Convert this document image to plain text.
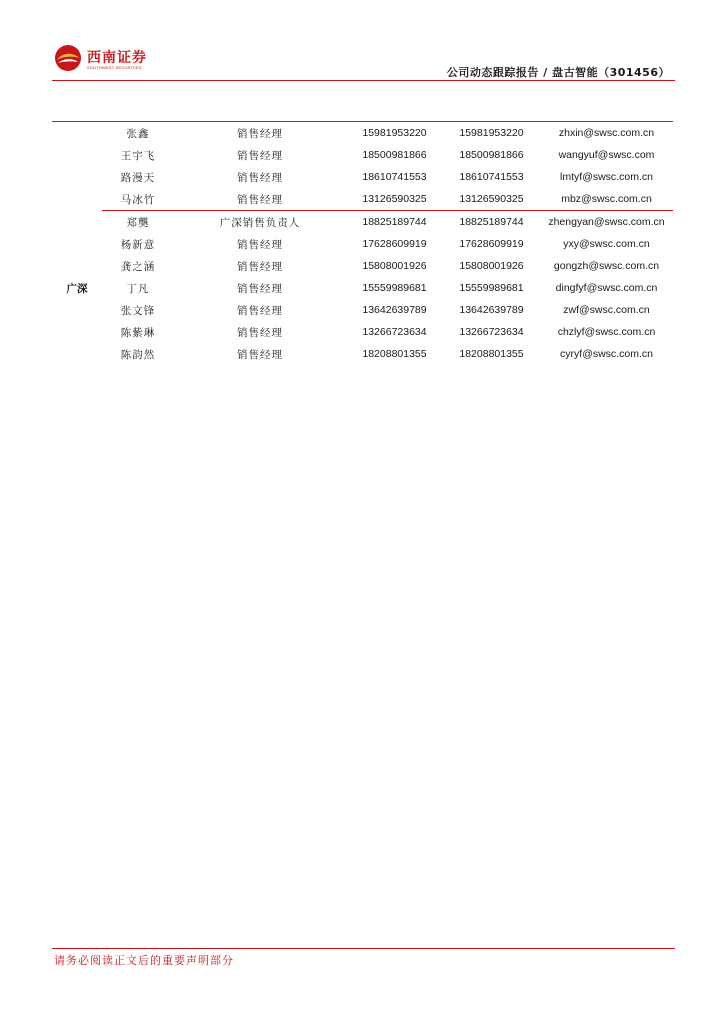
西南证券
SOUTHWEST SECURITIES	公司动态跟踪报告 / 盘古智能（301456）
	张鑫	销售经理	15981953220	15981953220	zhxin@swsc.com.cn
	王宇飞	销售经理	18500981866	18500981866	wangyuf@swsc.com
	路漫天	销售经理	18610741553	18610741553	lmtyf@swsc.com.cn
	马冰竹	销售经理	13126590325	13126590325	mbz@swsc.com.cn
	郑龑	广深销售负责人	18825189744	18825189744	zhengyan@swsc.com.cn
	杨新意	销售经理	17628609919	17628609919	yxy@swsc.com.cn
	龚之涵	销售经理	15808001926	15808001926	gongzh@swsc.com.cn
广深	丁凡	销售经理	15559989681	15559989681	dingfyf@swsc.com.cn
	张文锋	销售经理	13642639789	13642639789	zwf@swsc.com.cn
	陈紫琳	销售经理	13266723634	13266723634	chzlyf@swsc.com.cn
	陈韵然	销售经理	18208801355	18208801355	cyryf@swsc.com.cn
请务必阅读正文后的重要声明部分
